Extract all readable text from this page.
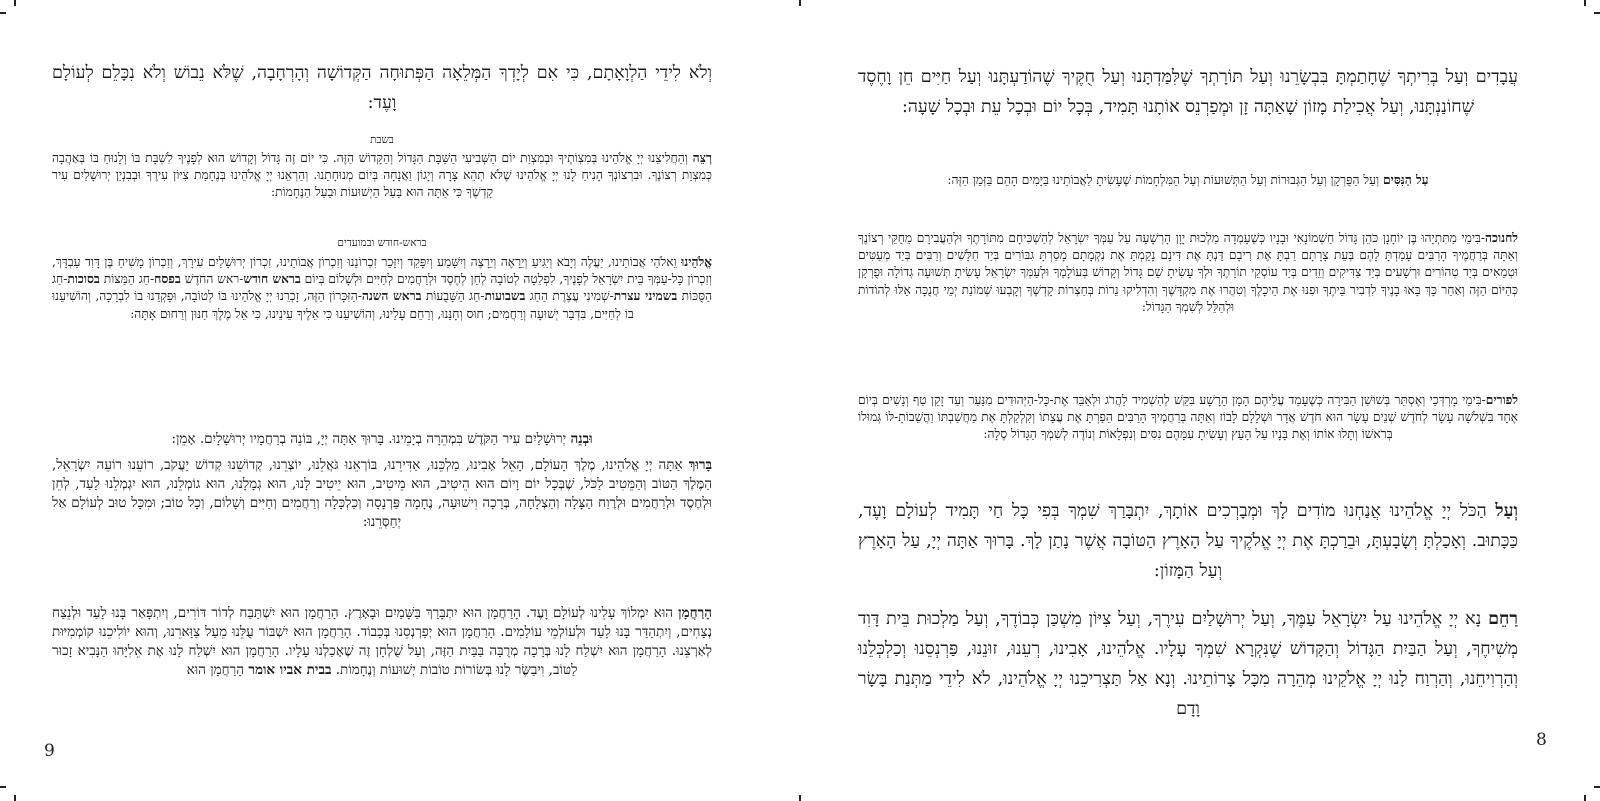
וְלֹא לִידֵי הַלְוָאָתָם, כִּי אִם לְיָדְךָ הַמְּלֵאָה הַפְּתוּחָה הַקְּדוֹשָׁה וְהָרְחָבָה, שֶׁלֹּא נֵבוֹשׁ וְלֹא נִכָּלֵם לְעוֹלָם וָעֶד:
בשבת
רְצֵה וְהַחֲלִיצֵנוּ יְיָ אֱלֹהֵינוּ בְּמִצְוֹתֶיךָ וּבְמִצְוַת יוֹם הַשְּׁבִיעִי הַשַּׁבָּת הַגָּדוֹל וְהַקָּדוֹשׁ הַזֶּה. כִּי יוֹם זֶה גָּדוֹל וְקָדוֹשׁ הוּא לְפָנֶיךָ לִשְׁבָּת בּוֹ וְלָנוּחַ בּוֹ בְּאַהֲבָה כְּמִצְוַת רְצוֹנֶךָ. וּבִרְצוֹנְךָ הָנִיחַ לָנוּ יְיָ אֱלֹהֵינוּ שֶׁלֹּא תְהֵא צָרָה וְיָגוֹן וַאֲנָחָה בְּיוֹם מְנוּחָתֵנוּ. וְהַרְאֵנוּ יְיָ אֱלֹהֵינוּ בְּנֶחָמַת צִיּוֹן עִירֶךָ וּבְבִנְיַן יְרוּשָׁלַיִם עִיר קָדְשֶׁךָ כִּי אַתָּה הוּא בַּעַל הַיְשׁוּעוֹת וּבַעַל הַנֶּחָמוֹת:
בראש-חודש ובמועדים
אֱלֹהֵינוּ וֵאלֹהֵי אֲבוֹתֵינוּ, יַעֲלֶה וְיָבֹא וְיַגִּיעַ וְיֵרָאֶה וְיֵרָצֶה וְיִשָּׁמַע וְיִפָּקֵד וְיִזָּכֵר זִכְרוֹנֵנוּ וְזִכְרוֹן אֲבוֹתֵינוּ, זִכְרוֹן יְרוּשָׁלַיִם עִירָךְ, וְזִכְרוֹן מָשִׁיחַ בֶּן דָּוִד עַבְדָּךְ, וְזִכְרוֹן כָּל-עַמְּךָ בֵּית יִשְׂרָאֵל לְפָנֶיךָ, לִפְלֵטָה לְטוֹבָה לְחֵן לְחֶסֶד וּלְרַחֲמִים לְחַיִּים וּלְשָׁלוֹם בְּיוֹם בראש חודש-ראש החֹדֶשׁ בפסח-חַג הַמַּצּוֹת בסוכות-חַג הַסֻּכּוֹת בשמיני עצרת-שְׁמִינִי עֲצֶרֶת הַחַג בשבועות-חַג הַשָּׁבֻעוֹת בראש השנה-הַזִּכָּרוֹן הַזֶּה, זָכְרֵנוּ יְיָ אֱלֹהֵינוּ בּוֹ לְטוֹבָה, וּפָקְדֵנוּ בוֹ לִבְרָכָה, וְהוֹשִׁיעֵנוּ בוֹ לְחַיִּים, בִּדְבַר יְשׁוּעָה וְרַחֲמִים; חוּס וְחָנֵּנוּ, וְרַחֵם עָלֵינוּ, וְהוֹשִׁיעֵנוּ כִּי אֵלֶיךָ עֵינֵינוּ, כִּי אֵל מֶלֶךְ חַנּוּן וְרַחוּם אָתָּה:
וּבְנֵה יְרוּשָׁלַיִם עִיר הַקֹּדֶשׁ בִּמְהֵרָה בְיָמֵינוּ. בָּרוּךְ אַתָּה יְיָ, בּוֹנֵה בְרַחֲמָיו יְרוּשָׁלָיִם. אָמֵן:
בָּרוּךְ אַתָּה יְיָ אֱלֹהֵינוּ, מֶלֶךְ הָעוֹלָם, הָאֵל אָבִינוּ, מַלְכֵּנוּ, אַדִּירֵנוּ, בּוֹרְאֵנוּ גֹּאֲלֵנוּ, יוֹצְרֵנוּ, קְדוֹשֵׁנוּ קְדוֹשׁ יַעֲקֹב, רוֹעֵנוּ רוֹעֵה יִשְׂרָאֵל, הַמֶּלֶךְ הַטּוֹב וְהַמֵּטִיב לַכֹּל, שֶׁבְּכָל יוֹם וָיוֹם הוּא הֵיטִיב, הוּא מֵיטִיב, הוּא יֵיטִיב לָנוּ, הוּא גְמָלָנוּ, הוּא גוֹמְלֵנוּ, הוּא יִגְמְלֵנוּ לָעַד, לְחֵן וּלְחֶסֶד וּלְרַחֲמִים וּלְרֶוַח הַצָּלָה וְהַצְלָחָה, בְּרָכָה וִישׁוּעָה, נֶחָמָה פַּרְנָסָה וְכַלְכָּלָה וְרַחֲמִים וְחַיִּים וְשָׁלוֹם, וְכָל טוֹב; וּמִכָּל טוּב לְעוֹלָם אַל יְחַסְּרֵנוּ:
הָרַחֲמָן הוּא יִמְלוֹךְ עָלֵינוּ לְעוֹלָם וָעֶד. הָרַחֲמָן הוּא יִתְבָּרַךְ בַּשָּׁמַיִם וּבָאָרֶץ. הָרַחֲמָן הוּא יִשְׁתַּבַּח לְדוֹר דּוֹרִים, וְיִתְפָּאַר בָּנוּ לָעַד וּלְנֵצַח נְצָחִים, וְיִתְהַדַּר בָּנוּ לָעַד וּלְעוֹלְמֵי עוֹלָמִים. הָרַחֲמָן הוּא יְפַרְנְסֵנוּ בְּכָבוֹד. הָרַחֲמָן הוּא יִשְׁבּוֹר עֻלֵּנוּ מֵעַל צַוָּארֵנוּ, וְהוּא יוֹלִיכֵנוּ קוֹמְמִיּוּת לְאַרְצֵנוּ. הָרַחֲמָן הוּא יִשְׁלַח לָנוּ בְּרָכָה מְרֻבָּה בַּבַּיִת הַזֶּה, וְעַל שֻׁלְחָן זֶה שֶׁאָכַלְנוּ עָלָיו. הָרַחֲמָן הוּא יִשְׁלַח לָנוּ אֶת אֵלִיָּהוּ הַנָּבִיא זָכוּר לַטּוֹב, וִיבַשֶּׂר לָנוּ בְּשׂוֹרוֹת טוֹבוֹת יְשׁוּעוֹת וְנֶחָמוֹת. בבית אביו אומר הָרַחֲמָן הוּא
9
עֲבָדִים וְעַל בְּרִיתְךָ שֶׁחָתַמְתָּ בִּבְשָׂרֵנוּ וְעַל תּוֹרָתְךָ שֶׁלִּמַּדְתָּנוּ וְעַל חֻקֶּיךָ שֶׁהוֹדַעְתָּנוּ וְעַל חַיִּים חֵן וָחֶסֶד שֶׁחוֹנַנְתָּנוּ, וְעַל אֲכִילַת מָזוֹן שָׁאַתָּה זָן וּמְפַרְנֵס אוֹתָנוּ תָּמִיד, בְּכָל יוֹם וּבְכָל עֵת וּבְכָל שָׁעָה:
עַל הַנִּסִּים וְעַל הַפֻּרְקָן וְעַל הַגְּבוּרוֹת וְעַל הַתְּשׁוּעוֹת וְעַל הַמִּלְחָמוֹת שֶׁעָשִׂיתָ לַאֲבוֹתֵינוּ בַּיָּמִים הָהֵם בַּזְּמַן הַזֶּה:
לחנוכה-בִּימֵי מַתִּתְיָהוּ בֶּן יוֹחָנָן כֹּהֵן גָּדוֹל חַשְׁמוֹנָאִי וּבָנָיו כְּשֶׁעָמְדָה מַלְכוּת יָוָן הָרְשָׁעָה עַל עַמְּךָ יִשְׂרָאֵל לְהַשְׁכִּיחָם מִתּוֹרָתֶךָ וּלְהַעֲבִירָם מֵחֻקֵּי רְצוֹנֶךָ וְאַתָּה בְּרַחֲמֶיךָ הָרַבִּים עָמַדְתָּ לָהֶם בְּעֵת צָרָתָם רַבְתָּ אֶת רִיבָם דַּנְתָּ אֶת דִּינָם נָקַמְתָּ אֶת נִקְמָתָם מָסַרְתָּ גִבּוֹרִים בְּיַד חַלָּשִׁים וְרַבִּים בְּיַד מְעַטִּים וּטְמֵאִים בְּיַד טְהוֹרִים וּרְשָׁעִים בְּיַד צַדִּיקִים וְזֵדִים בְּיַד עוֹסְקֵי תוֹרָתֶךָ וּלְךָ עָשִׂיתָ שֵׁם גָּדוֹל וְקָדוֹשׁ בְּעוֹלָמֶךָ וּלְעַמְּךָ יִשְׂרָאֵל עָשִׂיתָ תְּשׁוּעָה גְדוֹלָה וּפֻרְקָן כְּהַיּוֹם הַזֶּה וְאַחַר כָּךְ בָּאוּ בָנֶיךָ לִדְבִיר בֵּיתֶךָ וּפִנּוּ אֶת הֵיכָלֶךָ וְטִהֲרוּ אֶת מִקְדָּשֶׁךָ וְהִדְלִיקוּ נֵרוֹת בְּחַצְרוֹת קָדְשֶׁךָ וְקָבְעוּ שְׁמוֹנַת יְמֵי חֲנֻכָּה אֵלּוּ לְהוֹדוֹת וּלְהַלֵּל לְשִׁמְךָ הַגָּדוֹל:
לפורים-בִּימֵי מָרְדְּכַי וְאֶסְתֵּר בְּשׁוּשַׁן הַבִּירָה כְּשֶׁעָמַד עֲלֵיהֶם הָמָן הָרָשָׁע בִּקֵּשׁ לְהַשְׁמִיד לַהֲרֹג וּלְאַבֵּד אֶת-כָּל-הַיְּהוּדִים מִנַּעַר וְעַד זָקֵן טַף וְנָשִׁים בְּיוֹם אֶחָד בִּשְׁלשָׁה עָשָׂר לְחֹדֶשׁ שְׁנֵים עָשָׂר הוּא חֹדֶשׁ אֲדָר וּשְׁלָלָם לָבוֹז וְאַתָּה בְּרַחֲמֶיךָ הָרַבִּים הֵפַרְתָּ אֶת עֲצָתוֹ וְקִלְקַלְתָּ אֶת מַחֲשַׁבְתּוֹ וַהֲשֵׁבוֹתָ-לּוֹ גְּמוּלוֹ בְּרֹאשׁוֹ וְתָלוּ אוֹתוֹ וְאֶת בָּנָיו עַל הָעֵץ וְעָשִׂיתָ עִמָּהֶם נִסִּים וְנִפְלָאוֹת וְנוֹדֶה לְשִׁמְךָ הַגָּדוֹל סֶלָה:
וְעַל הַכֹּל יְיָ אֱלֹהֵינוּ אֲנַחְנוּ מוֹדִים לָךְ וּמְבָרְכִים אוֹתָךְ, יִתְבָּרַךְ שִׁמְךָ בְּפִי כָּל חַי תָּמִיד לְעוֹלָם וָעֶד, כַּכָּתוּב. וְאָכַלְתָּ וְשָׂבָעְתָּ, וּבֵרַכְתָּ אֶת יְיָ אֱלֹקֶיךָ עַל הָאָרֶץ הַטּוֹבָה אֲשֶׁר נָתַן לָךְ. בָּרוּךְ אַתָּה יְיָ, עַל הָאָרֶץ וְעַל הַמָּזוֹן:
רַחֵם נָא יְיָ אֱלֹהֵינוּ עַל יִשְׂרָאֵל עַמֶּךָ, וְעַל יְרוּשָׁלַיִם עִירֶךָ, וְעַל צִיּוֹן מִשְׁכַּן כְּבוֹדֶךָ, וְעַל מַלְכוּת בֵּית דָּוִד מְשִׁיחֶךָ, וְעַל הַבַּיִת הַגָּדוֹל וְהַקָּדוֹשׁ שֶׁנִּקְרָא שִׁמְךָ עָלָיו. אֱלֹהֵינוּ, אָבִינוּ, רְעֵנוּ, זוּנֵנוּ, פַּרְנְסֵנוּ וְכַלְכְּלֵנוּ וְהַרְוִיחֵנוּ, וְהַרְוַח לָנוּ יְיָ אֱלֹקֵינוּ מְהֵרָה מִכָּל צָרוֹתֵינוּ. וְנָא אַל תַּצְרִיכֵנוּ יְיָ אֱלֹהֵינוּ, לֹא לִידֵי מַתְּנַת בָּשָׂר וָדָם
8
